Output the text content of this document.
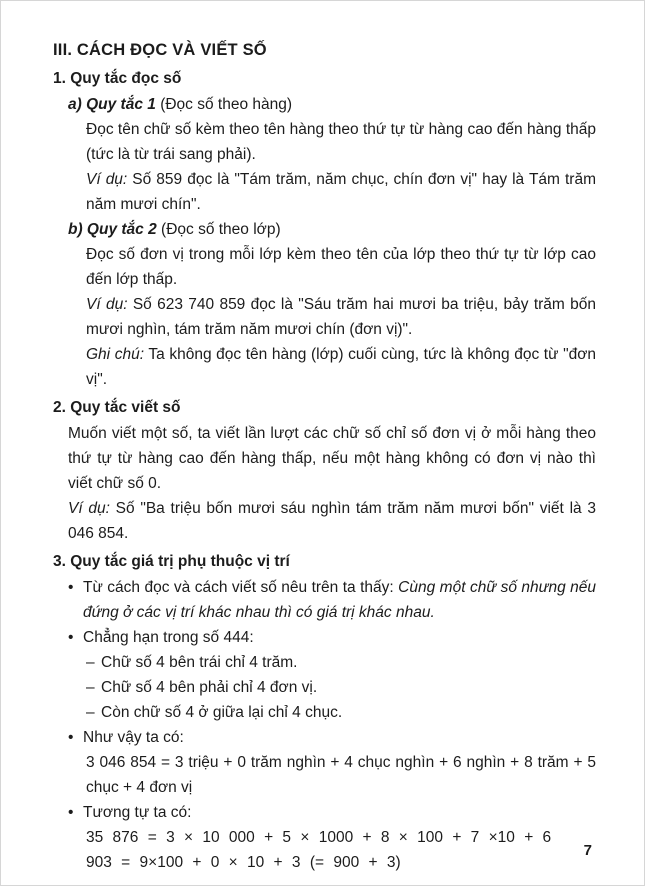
III. CÁCH ĐỌC VÀ VIẾT SỐ
1. Quy tắc đọc số
a) Quy tắc 1 (Đọc số theo hàng)

Đọc tên chữ số kèm theo tên hàng theo thứ tự từ hàng cao đến hàng thấp (tức là từ trái sang phải).

Ví dụ: Số 859 đọc là "Tám trăm, năm chục, chín đơn vị" hay là Tám trăm năm mươi chín".

b) Quy tắc 2 (Đọc số theo lớp)

Đọc số đơn vị trong mỗi lớp kèm theo tên của lớp theo thứ tự từ lớp cao đến lớp thấp.

Ví dụ: Số 623 740 859 đọc là "Sáu trăm hai mươi ba triệu, bảy trăm bốn mươi nghìn, tám trăm năm mươi chín (đơn vị)".

Ghi chú: Ta không đọc tên hàng (lớp) cuối cùng, tức là không đọc từ "đơn vị".

2. Quy tắc viết số

Muốn viết một số, ta viết lần lượt các chữ số chỉ số đơn vị ở mỗi hàng theo thứ tự từ hàng cao đến hàng thấp, nếu một hàng không có đơn vị nào thì viết chữ số 0.

Ví dụ: Số "Ba triệu bốn mươi sáu nghìn tám trăm năm mươi bốn" viết là 3 046 854.

3. Quy tắc giá trị phụ thuộc vị trí
• Từ cách đọc và cách viết số nêu trên ta thấy: Cùng một chữ số nhưng nếu đứng ở các vị trí khác nhau thì có giá trị khác nhau.
• Chẳng hạn trong số 444:
– Chữ số 4 bên trái chỉ 4 trăm.
– Chữ số 4 bên phải chỉ 4 đơn vị.
– Còn chữ số 4 ở giữa lại chỉ 4 chục.
• Như vậy ta có:
3 046 854 = 3 triệu + 0 trăm nghìn + 4 chục nghìn + 6 nghìn + 8 trăm + 5 chục + 4 đơn vị
• Tương tự ta có:
35 876 = 3 × 10 000 + 5 × 1000 + 8 × 100 + 7 ×10 + 6
903 = 9×100 + 0 × 10 + 3 (= 900 + 3)
7
